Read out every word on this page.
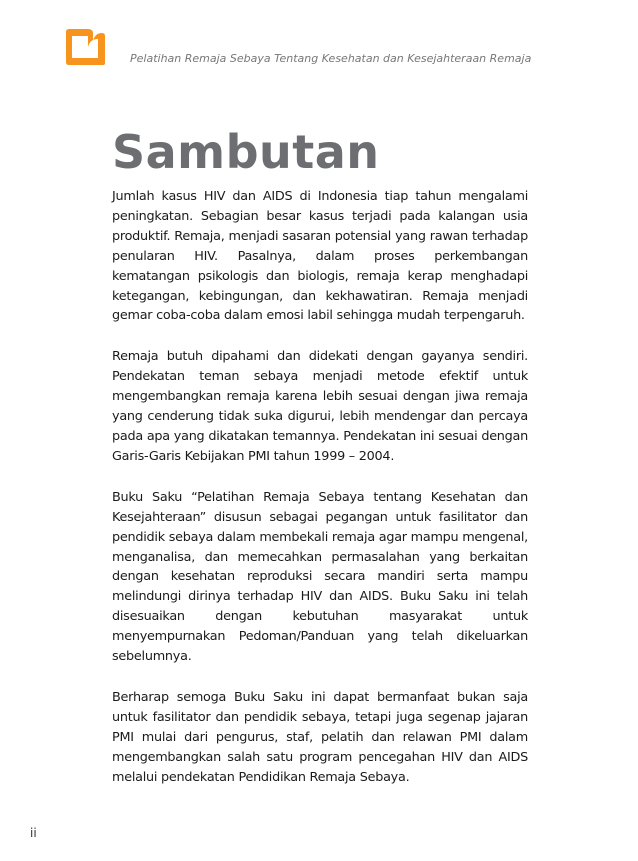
Pelatihan Remaja Sebaya Tentang Kesehatan dan Kesejahteraan Remaja
Sambutan

Jumlah kasus HIV dan AIDS di Indonesia tiap tahun mengalami peningkatan. Sebagian besar kasus terjadi pada kalangan usia produktif. Remaja, menjadi sasaran potensial yang rawan terhadap penularan HIV. Pasalnya, dalam proses perkembangan kematangan psikologis dan biologis, remaja kerap menghadapi ketegangan, kebingungan, dan kekhawatiran. Remaja menjadi gemar coba-coba dalam emosi labil sehingga mudah terpengaruh.

Remaja butuh dipahami dan didekati dengan gayanya sendiri. Pendekatan teman sebaya menjadi metode efektif untuk mengembangkan remaja karena lebih sesuai dengan jiwa remaja yang cenderung tidak suka digurui, lebih mendengar dan percaya pada apa yang dikatakan temannya. Pendekatan ini sesuai dengan Garis-Garis Kebijakan PMI tahun 1999 – 2004.

Buku Saku “Pelatihan Remaja Sebaya tentang Kesehatan dan Kesejahteraan” disusun sebagai pegangan untuk fasilitator dan pendidik sebaya dalam membekali remaja agar mampu mengenal, menganalisa, dan memecahkan permasalahan yang berkaitan dengan kesehatan reproduksi secara mandiri serta mampu melindungi dirinya terhadap HIV dan AIDS. Buku Saku ini telah disesuaikan dengan kebutuhan masyarakat untuk menyempurnakan Pedoman/Panduan yang telah dikeluarkan sebelumnya.

Berharap semoga Buku Saku ini dapat bermanfaat bukan saja untuk fasilitator dan pendidik sebaya, tetapi juga segenap jajaran PMI mulai dari pengurus, staf, pelatih dan relawan PMI dalam mengembangkan salah satu program pencegahan HIV dan AIDS melalui pendekatan Pendidikan Remaja Sebaya.

ii
